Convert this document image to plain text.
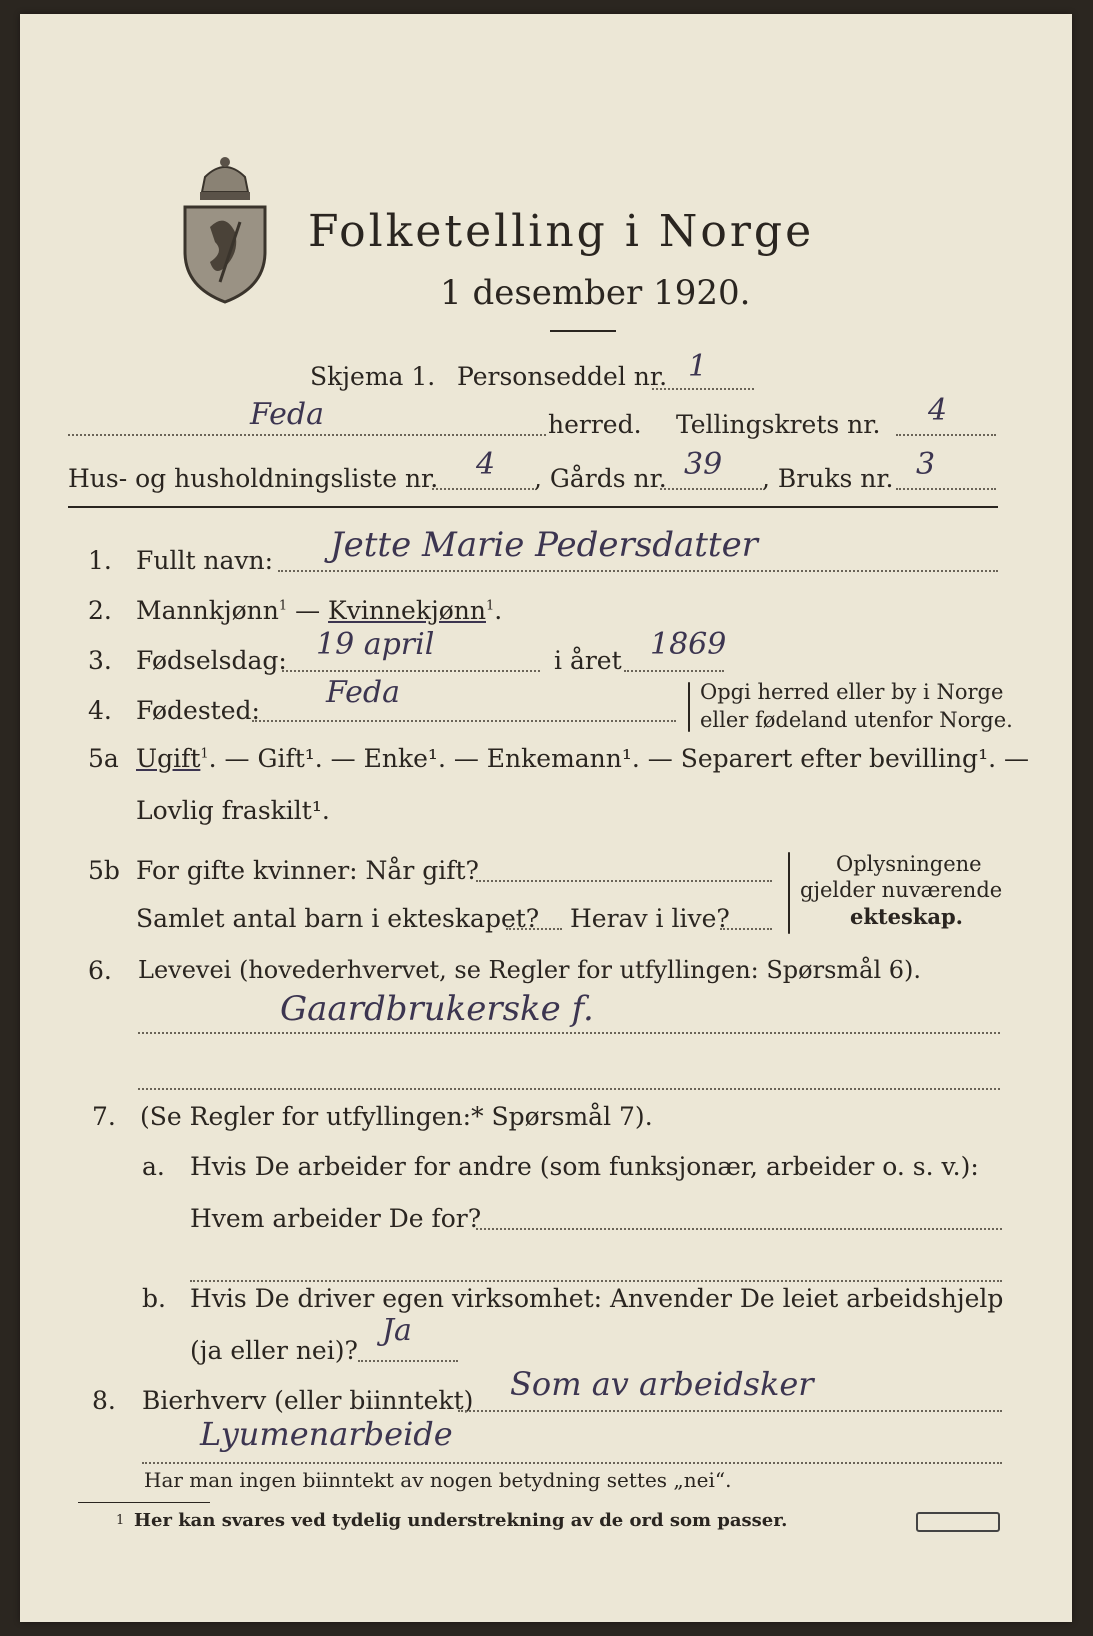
Folketelling i Norge
1 desember 1920.
Skjema 1. Personseddel nr. 1
Feda	herred. Tellingskrets nr. 4
Hus- og husholdningsliste nr. 4 , Gårds nr. 39 , Bruks nr. 3
1. Fullt navn: Jette Marie Pedersdatter
2. Mannkjønn$^1$ — Kvinnekjønn$^1$.
3. Fødselsdag: 19 april	i året 1869
4. Fødested:
Feda	Opgi herred eller by i Norge
eller fødeland utenfor Norge.
5a Ugift$^1$. — Gift¹. — Enke¹. — Enkemann¹. — Separert efter bevilling¹. —
Lovlig fraskilt¹.
5b For gifte kvinner: Når gift?
Samlet antal barn i ekteskapet? Herav i live?
Oplysningene
gjelder nuværende
ekteskap.
6. Levevei (hovederhvervet, se Regler for utfyllingen: Spørsmål 6).
Gaardbrukerske f.
7. (Se Regler for utfyllingen:* Spørsmål 7).
a. Hvis De arbeider for andre (som funksjonær, arbeider o. s. v.):
Hvem arbeider De for?
b. Hvis De driver egen virksomhet: Anvender De leiet arbeidshjelp
(ja eller nei)?
Ja
8. Bierhverv (eller biinntekt) Som av arbeidsker
Lyumenarbeide
Har man ingen biinntekt av nogen betydning settes „nei“.
1 Her kan svares ved tydelig understrekning av de ord som passer.
